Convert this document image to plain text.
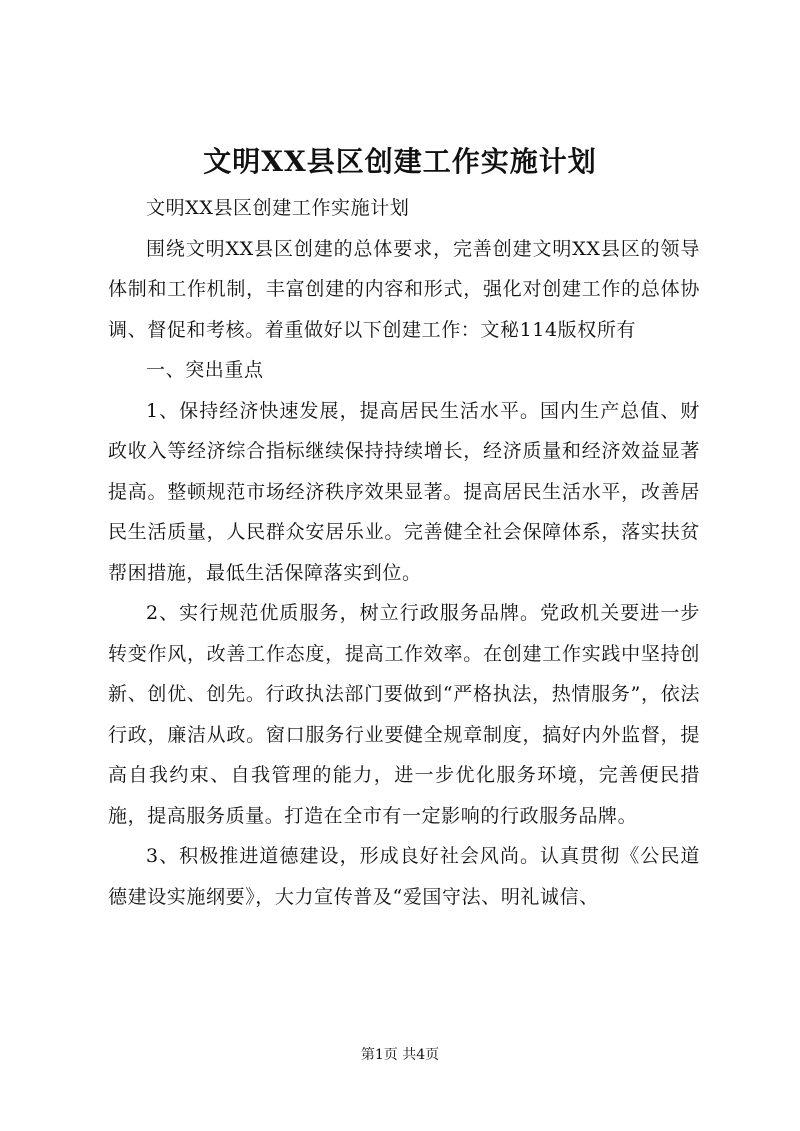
文明XX县区创建工作实施计划

文明XX县区创建工作实施计划

围绕文明XX县区创建的总体要求，完善创建文明XX县区的领导体制和工作机制，丰富创建的内容和形式，强化对创建工作的总体协调、督促和考核。着重做好以下创建工作：文秘114版权所有

一、突出重点

1、保持经济快速发展，提高居民生活水平。国内生产总值、财政收入等经济综合指标继续保持持续增长，经济质量和经济效益显著提高。整顿规范市场经济秩序效果显著。提高居民生活水平，改善居民生活质量，人民群众安居乐业。完善健全社会保障体系，落实扶贫帮困措施，最低生活保障落实到位。

2、实行规范优质服务，树立行政服务品牌。党政机关要进一步转变作风，改善工作态度，提高工作效率。在创建工作实践中坚持创新、创优、创先。行政执法部门要做到“严格执法，热情服务”，依法行政，廉洁从政。窗口服务行业要健全规章制度，搞好内外监督，提高自我约束、自我管理的能力，进一步优化服务环境，完善便民措施，提高服务质量。打造在全市有一定影响的行政服务品牌。

3、积极推进道德建设，形成良好社会风尚。认真贯彻《公民道德建设实施纲要》，大力宣传普及“爱国守法、明礼诚信、

第1页 共4页
